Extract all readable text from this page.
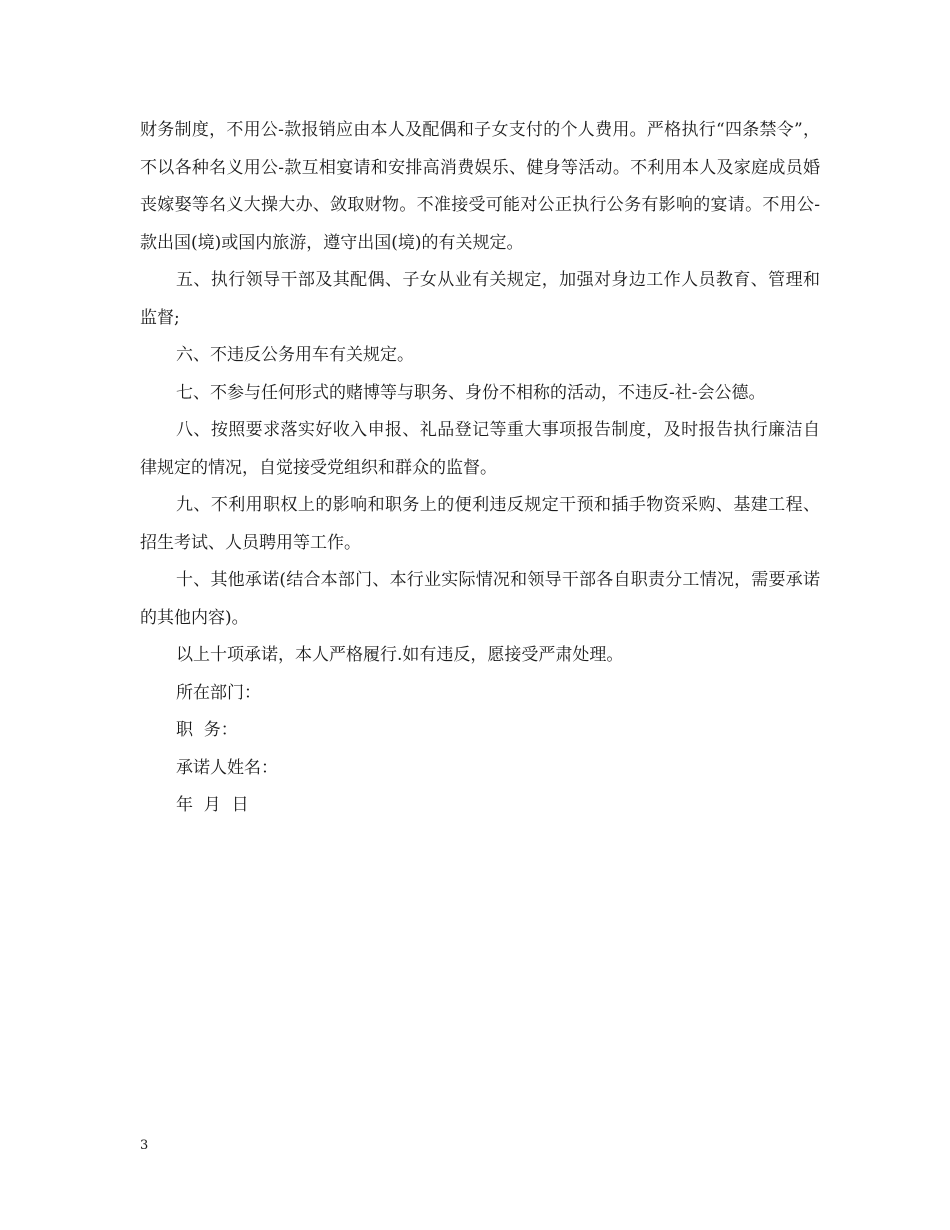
财务制度，不用公-款报销应由本人及配偶和子女支付的个人费用。严格执行“四条禁令”，不以各种名义用公-款互相宴请和安排高消费娱乐、健身等活动。不利用本人及家庭成员婚丧嫁娶等名义大操大办、敛取财物。不准接受可能对公正执行公务有影响的宴请。不用公-款出国(境)或国内旅游，遵守出国(境)的有关规定。

五、执行领导干部及其配偶、子女从业有关规定，加强对身边工作人员教育、管理和监督;

六、不违反公务用车有关规定。

七、不参与任何形式的赌博等与职务、身份不相称的活动，不违反-社-会公德。

八、按照要求落实好收入申报、礼品登记等重大事项报告制度，及时报告执行廉洁自律规定的情况，自觉接受党组织和群众的监督。

九、不利用职权上的影响和职务上的便利违反规定干预和插手物资采购、基建工程、招生考试、人员聘用等工作。

十、其他承诺(结合本部门、本行业实际情况和领导干部各自职责分工情况，需要承诺的其他内容)。

以上十项承诺，本人严格履行.如有违反，愿接受严肃处理。

所在部门：

职  务：

承诺人姓名：

年  月  日

3
